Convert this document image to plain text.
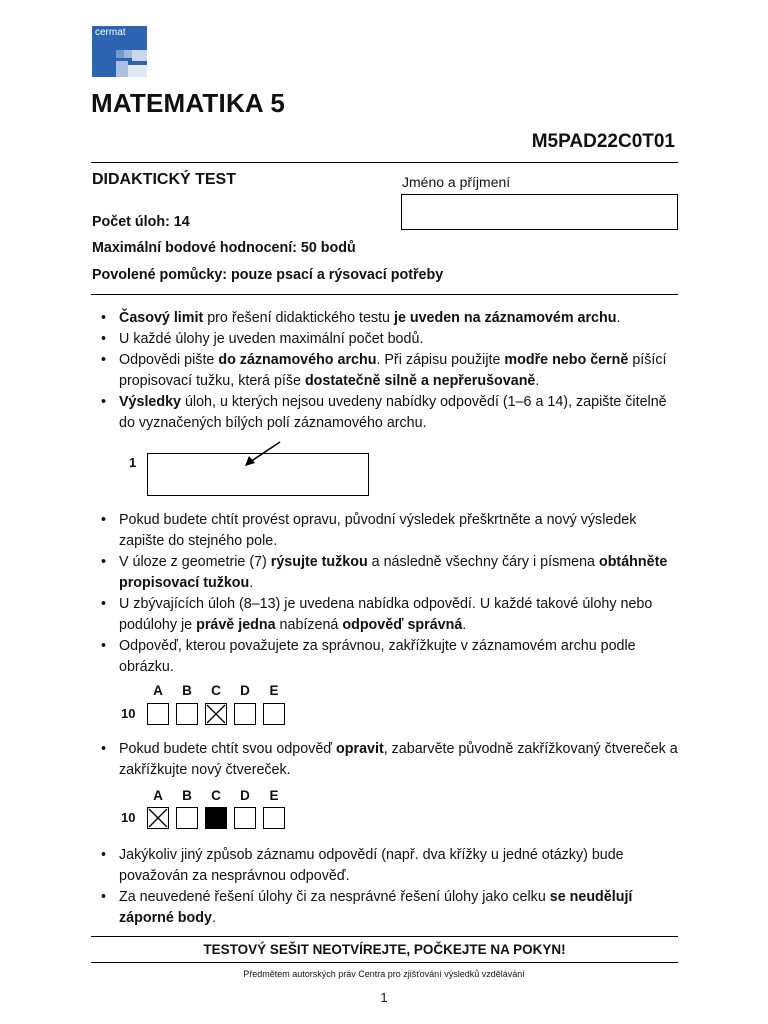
cermat
MATEMATIKA 5
M5PAD22C0T01
DIDAKTICKÝ TEST	Jméno a příjmení
Počet úloh: 14
Maximální bodové hodnocení: 50 bodů
Povolené pomůcky: pouze psací a rýsovací potřeby
• Časový limit pro řešení didaktického testu je uveden na záznamovém archu.
• U každé úlohy je uveden maximální počet bodů.
• Odpovědi pište do záznamového archu. Při zápisu použijte modře nebo černě píšící propisovací tužku, která píše dostatečně silně a nepřerušovaně.
• Výsledky úloh, u kterých nejsou uvedeny nabídky odpovědí (1–6 a 14), zapište čitelně do vyznačených bílých polí záznamového archu.
1
• Pokud budete chtít provést opravu, původní výsledek přeškrtněte a nový výsledek zapište do stejného pole.
• V úloze z geometrie (7) rýsujte tužkou a následně všechny čáry i písmena obtáhněte propisovací tužkou.
• U zbývajících úloh (8–13) je uvedena nabídka odpovědí. U každé takové úlohy nebo podúlohy je právě jedna nabízená odpověď správná.
• Odpověď, kterou považujete za správnou, zakřížkujte v záznamovém archu podle obrázku.
A	B	C	D	E
10
• Pokud budete chtít svou odpověď opravit, zabarvěte původně zakřížkovaný čtvereček a zakřížkujte nový čtvereček.
A	B	C	D	E
10
• Jakýkoliv jiný způsob záznamu odpovědí (např. dva křížky u jedné otázky) bude považován za nesprávnou odpověď.
• Za neuvedené řešení úlohy či za nesprávné řešení úlohy jako celku se neudělují záporné body.
TESTOVÝ SEŠIT NEOTVÍREJTE, POČKEJTE NA POKYN!
Předmětem autorských práv Centra pro zjišťování výsledků vzdělávání
1
